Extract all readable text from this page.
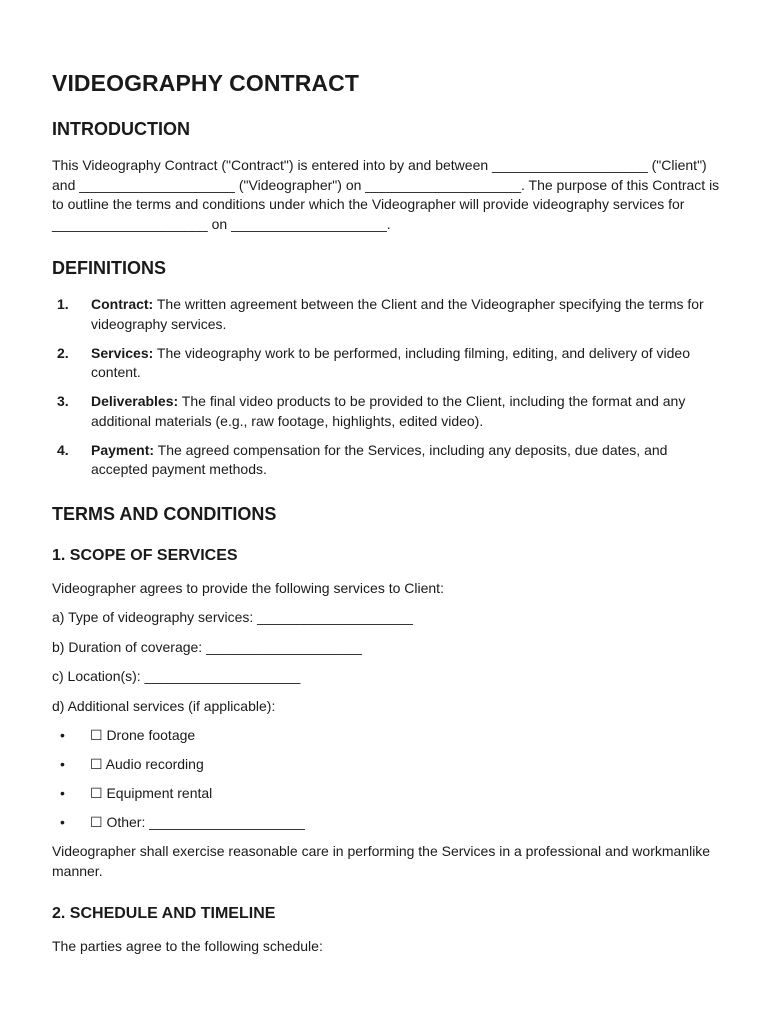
VIDEOGRAPHY CONTRACT
INTRODUCTION

This Videography Contract ("Contract") is entered into by and between ____________________ ("Client") and ____________________ ("Videographer") on ____________________. The purpose of this Contract is to outline the terms and conditions under which the Videographer will provide videography services for ____________________ on ____________________.

DEFINITIONS
1.	Contract: The written agreement between the Client and the Videographer specifying the terms for videography services.
2.	Services: The videography work to be performed, including filming, editing, and delivery of video content.
3.	Deliverables: The final video products to be provided to the Client, including the format and any additional materials (e.g., raw footage, highlights, edited video).
4.	Payment: The agreed compensation for the Services, including any deposits, due dates, and accepted payment methods.
TERMS AND CONDITIONS
1. SCOPE OF SERVICES

Videographer agrees to provide the following services to Client:

a) Type of videography services: ____________________

b) Duration of coverage: ____________________

c) Location(s): ____________________

d) Additional services (if applicable):

•	☐ Drone footage
•	☐ Audio recording
•	☐ Equipment rental
•	☐ Other: ____________________

Videographer shall exercise reasonable care in performing the Services in a professional and workmanlike manner.

2. SCHEDULE AND TIMELINE

The parties agree to the following schedule:
